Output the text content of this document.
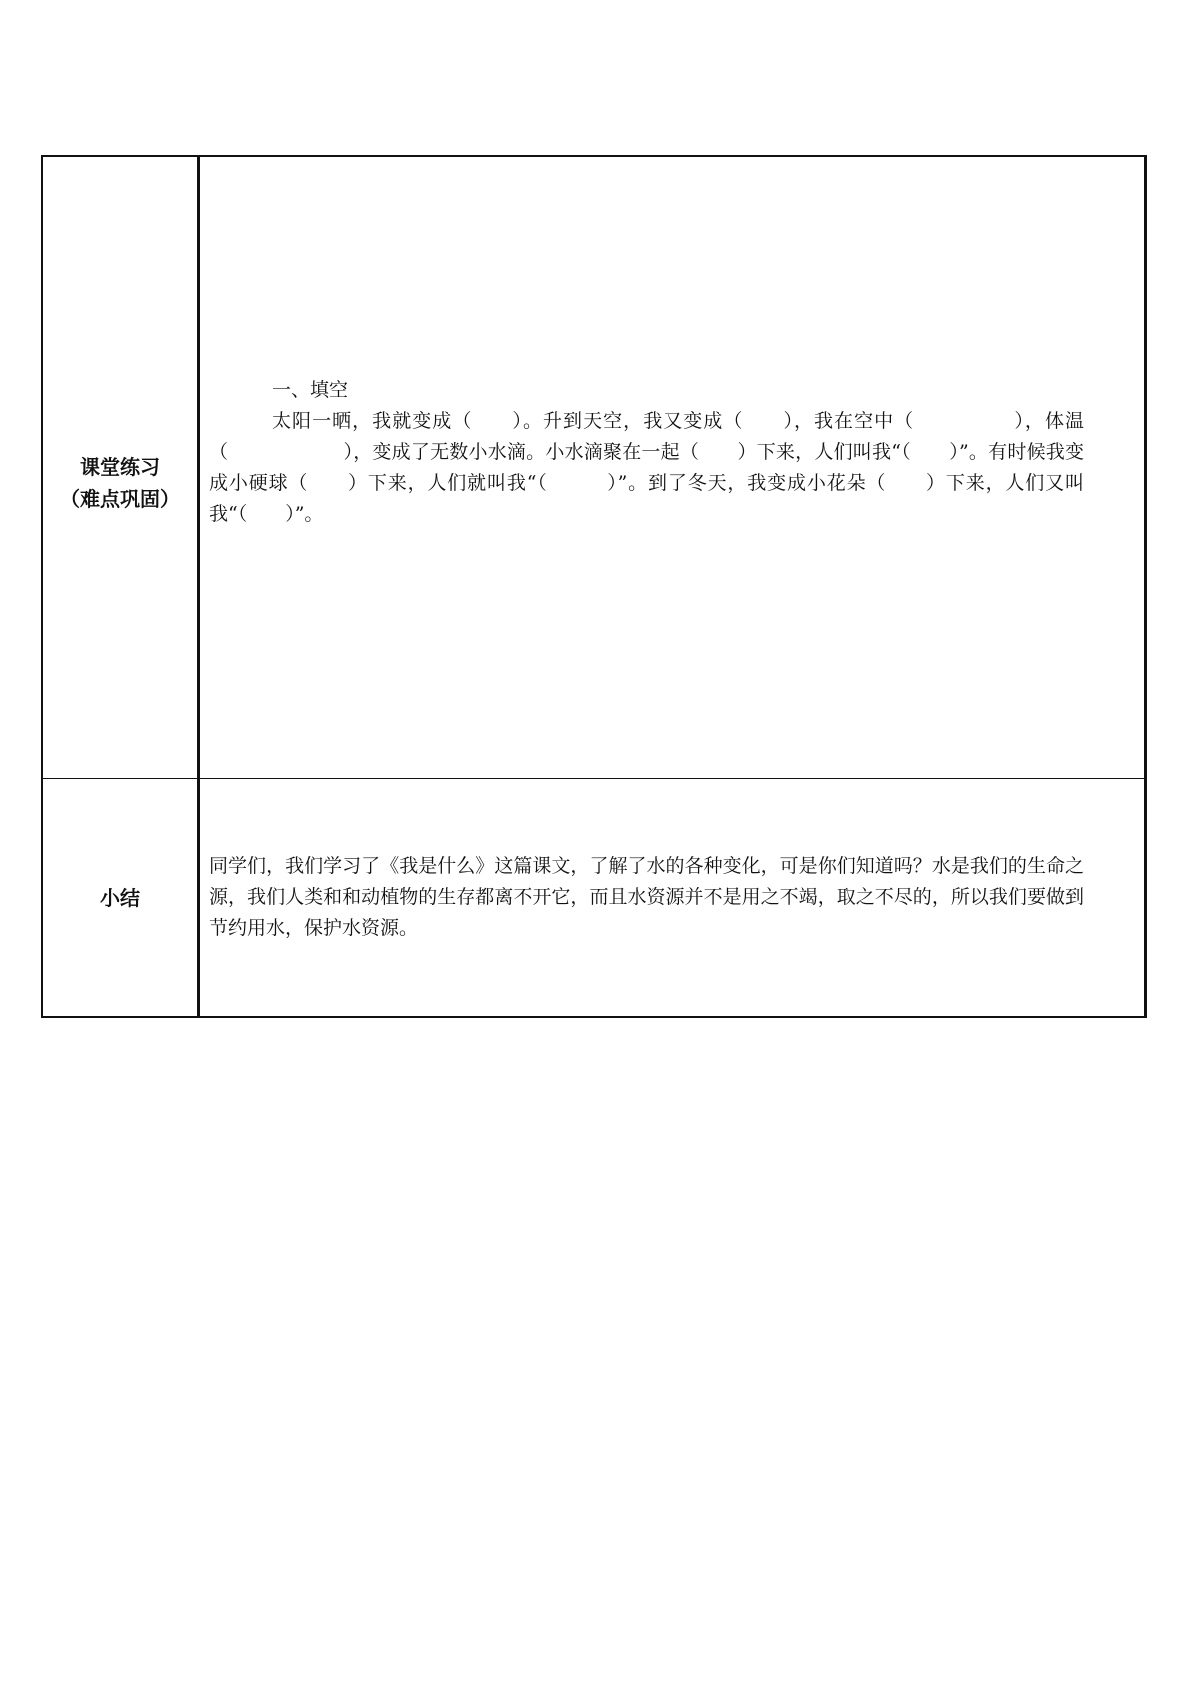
课堂练习
（难点巩固）
小结
一、填空
太阳一晒，我就变成（　　）。升到天空，我又变成（　　），我在空中（　　　　　），体温（　　　　　　），变成了无数小水滴。小水滴聚在一起（　　）下来，人们叫我“（　　）”。有时候我变成小硬球（　　）下来，人们就叫我“（　　　）”。到了冬天，我变成小花朵（　　）下来，人们又叫我“（　　）”。
同学们，我们学习了《我是什么》这篇课文，了解了水的各种变化，可是你们知道吗？水是我们的生命之源，我们人类和和动植物的生存都离不开它，而且水资源并不是用之不竭，取之不尽的，所以我们要做到节约用水，保护水资源。
